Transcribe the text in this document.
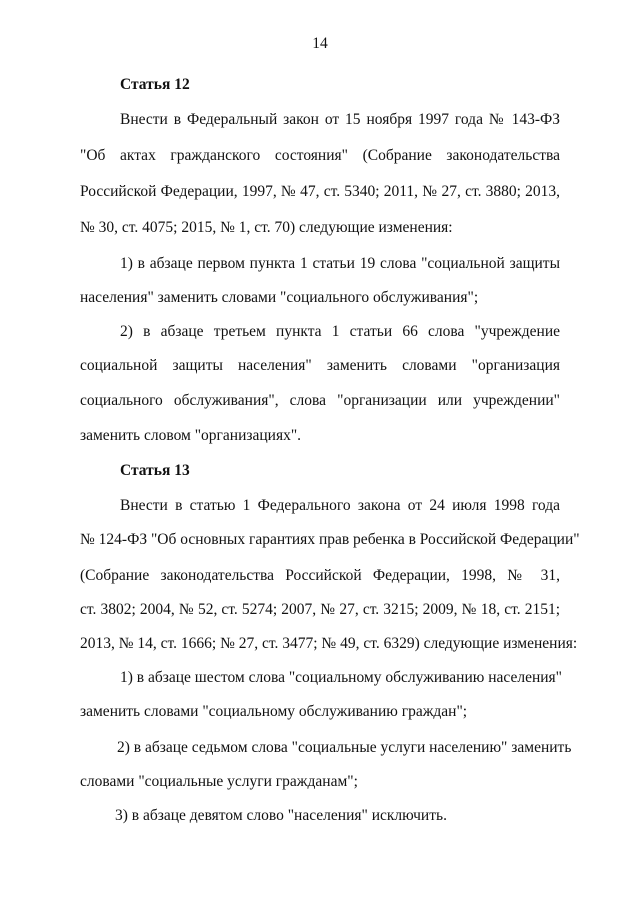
14
Статья 12
Внести в Федеральный закон от 15 ноября 1997 года № 143-ФЗ
"Об актах гражданского состояния" (Собрание законодательства
Российской Федерации, 1997, № 47, ст. 5340; 2011, № 27, ст. 3880; 2013,
№ 30, ст. 4075; 2015, № 1, ст. 70) следующие изменения:
1) в абзаце первом пункта 1 статьи 19 слова "социальной защиты
населения" заменить словами "социального обслуживания";
2) в абзаце третьем пункта 1 статьи 66 слова "учреждение
социальной защиты населения" заменить словами "организация
социального обслуживания", слова "организации или учреждении"
заменить словом "организациях".
Статья 13
Внести в статью 1 Федерального закона от 24 июля 1998 года
№ 124-ФЗ "Об основных гарантиях прав ребенка в Российской Федерации"
(Собрание законодательства Российской Федерации, 1998, № 31,
ст. 3802; 2004, № 52, ст. 5274; 2007, № 27, ст. 3215; 2009, № 18, ст. 2151;
2013, № 14, ст. 1666; № 27, ст. 3477; № 49, ст. 6329) следующие изменения:
1) в абзаце шестом слова "социальному обслуживанию населения"
заменить словами "социальному обслуживанию граждан";
2) в абзаце седьмом слова "социальные услуги населению" заменить
словами "социальные услуги гражданам";
3) в абзаце девятом слово "населения" исключить.
